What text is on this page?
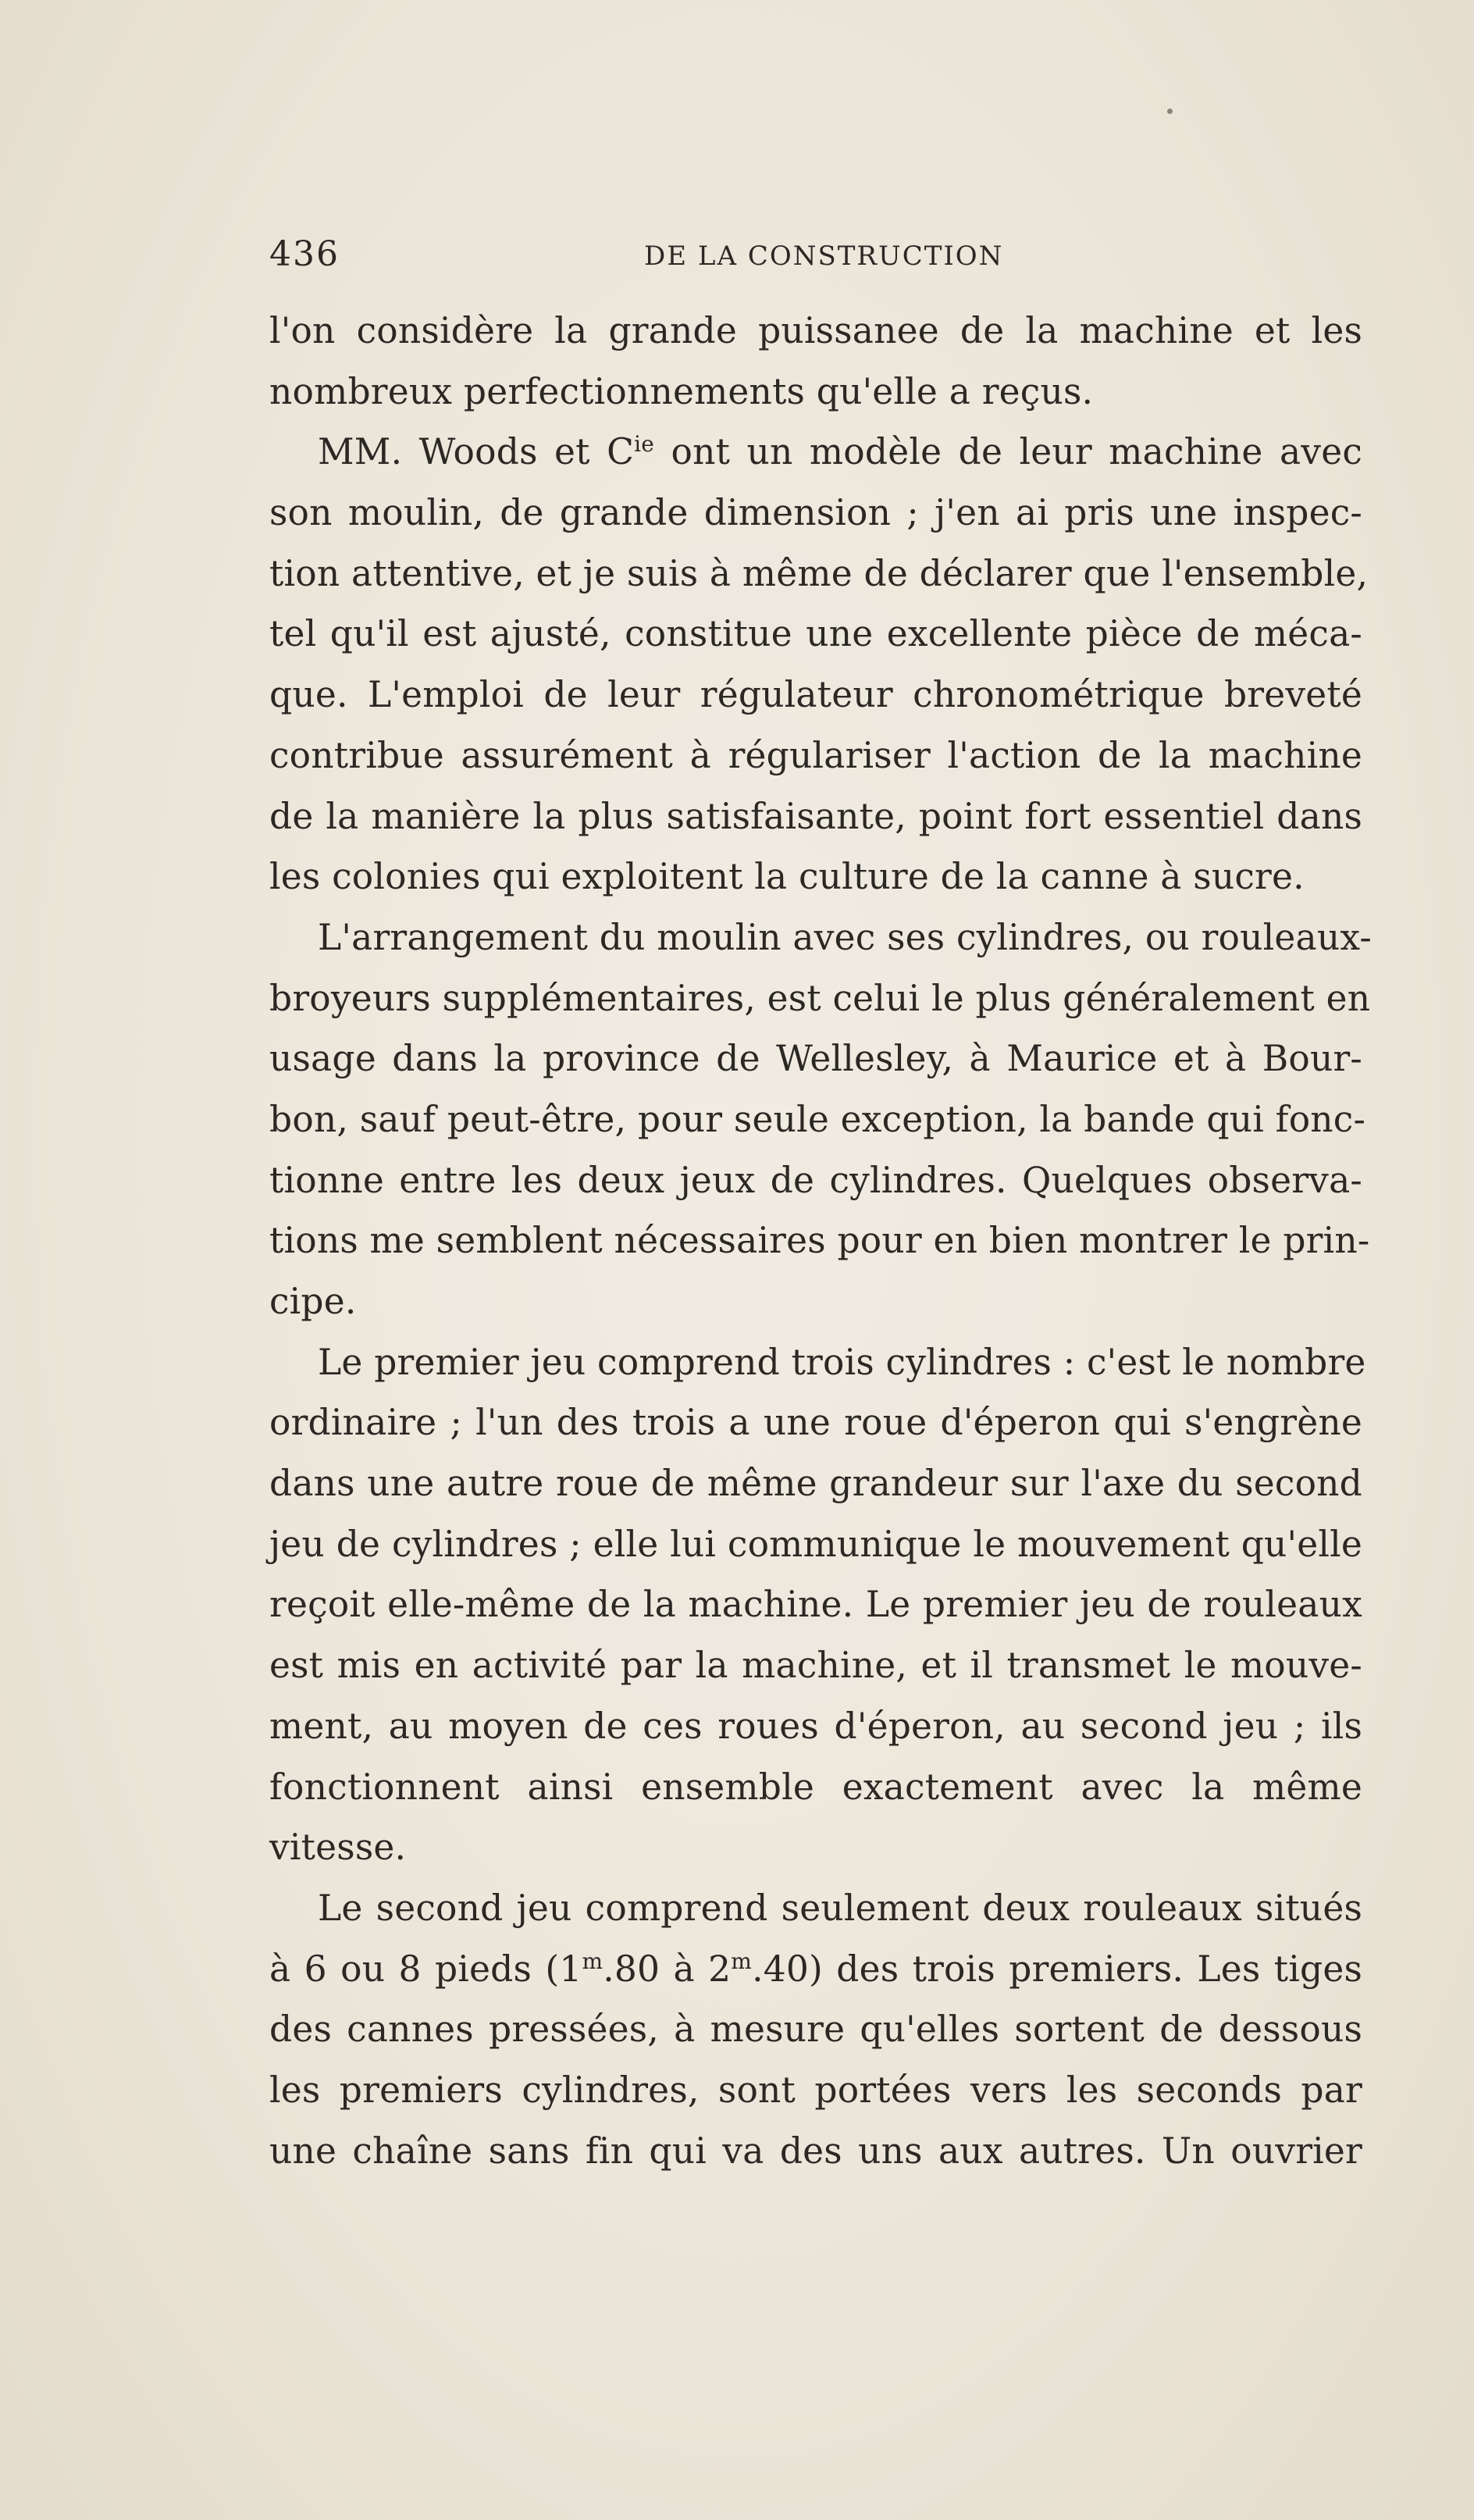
436	DE LA CONSTRUCTION
l'on considère la grande puissanee de la machine et les
nombreux perfectionnements qu'elle a reçus.
MM. Woods et $C^{ie}$ ont un modèle de leur machine avec
son moulin, de grande dimension ; j'en ai pris une inspec-
tion attentive, et je suis à même de déclarer que l'ensemble,
tel qu'il est ajusté, constitue une excellente pièce de méca-
que. L'emploi de leur régulateur chronométrique breveté
contribue assurément à régulariser l'action de la machine
de la manière la plus satisfaisante, point fort essentiel dans
les colonies qui exploitent la culture de la canne à sucre.
L'arrangement du moulin avec ses cylindres, ou rouleaux-
broyeurs supplémentaires, est celui le plus généralement en
usage dans la province de Wellesley, à Maurice et à Bour-
bon, sauf peut-être, pour seule exception, la bande qui fonc-
tionne entre les deux jeux de cylindres. Quelques observa-
tions me semblent nécessaires pour en bien montrer le prin-
cipe.
Le premier jeu comprend trois cylindres : c'est le nombre
ordinaire ; l'un des trois a une roue d'éperon qui s'engrène
dans une autre roue de même grandeur sur l'axe du second
jeu de cylindres ; elle lui communique le mouvement qu'elle
reçoit elle-même de la machine. Le premier jeu de rouleaux
est mis en activité par la machine, et il transmet le mouve-
ment, au moyen de ces roues d'éperon, au second jeu ; ils
fonctionnent ainsi ensemble exactement avec la même
vitesse.
Le second jeu comprend seulement deux rouleaux situés
à 6 ou 8 pieds (1$^m$.80 à 2$^m$.40) des trois premiers. Les tiges
des cannes pressées, à mesure qu'elles sortent de dessous
les premiers cylindres, sont portées vers les seconds par
une chaîne sans fin qui va des uns aux autres. Un ouvrier
